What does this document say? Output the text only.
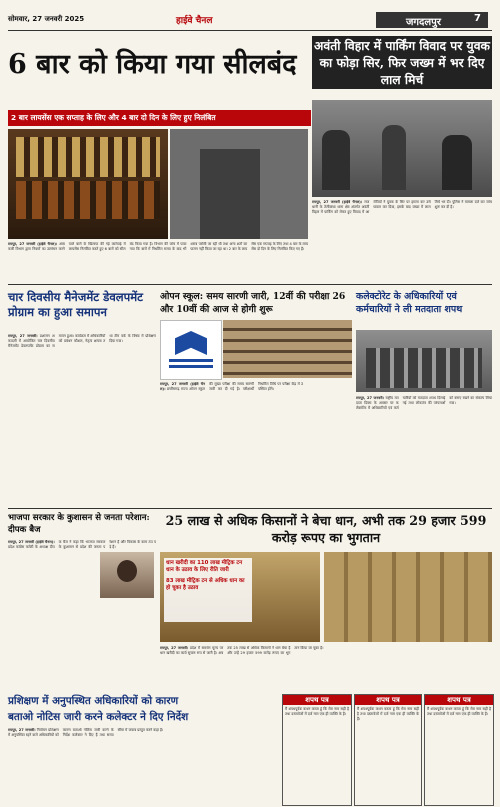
सोमवार, 27 जनवरी 2025	हाईवे चैनल	जगदलपुर	7
6 बार को किया गया सीलबंद
2 बार लायसेंस एक सप्ताह के लिए और 4 बार दो दिन के लिए हुए निलंबित
रायपुर, 27 जनवरी (हाईवे चैनल)। आबकारी विभाग द्वारा नियमों का उल्लंघन करने वाले बारों के खिलाफ की गई कार्रवाई में लायसेंस निलंबित करते हुए 6 बारों को सीलबंद किया गया है। विभाग की जांच में पाया गया कि बारों में निर्धारित समय के बाद भी शराब परोसी जा रही थी तथा अन्य शर्तों का पालन नहीं किया जा रहा था। 2 बार के लायसेंस एक सप्ताह के लिए तथा 4 बार के लायसेंस दो दिन के लिए निलंबित किए गए हैं।
अवंती विहार में पार्किंग विवाद पर युवक का फोड़ा सिर, फिर जख्म में भर दिए लाल मिर्च
रायपुर, 27 जनवरी (हाईवे चैनल)। राजधानी के तेलीबांधा थाना क्षेत्र अंतर्गत अवंती विहार में पार्किंग को लेकर हुए विवाद में आरोपियों ने युवक के सिर पर हमला कर उसे घायल कर दिया, इसके बाद जख्म में लाल मिर्च भर दी। पुलिस ने मामला दर्ज कर जांच शुरू कर दी है।
चार दिवसीय मैनेजमेंट डेवलपमेंट प्रोग्राम का हुआ समापन
रायपुर, 27 जनवरी। प्रशासन अकादमी में आयोजित चार दिवसीय मैनेजमेंट डेवलपमेंट प्रोग्राम का समापन हुआ। कार्यक्रम में अधिकारियों को प्रबंधन कौशल, नेतृत्व क्षमता तथा टीम वर्क के विषय में प्रशिक्षण दिया गया।
ओपन स्कूल: समय सारणी जारी, 12वीं की परीक्षा 26 और 10वीं की आज से होगी शुरू
रायपुर, 27 जनवरी (हाईवे चैनल)। छत्तीसगढ़ राज्य ओपन स्कूल की मुख्य परीक्षा की समय सारणी जारी कर दी गई है। परीक्षार्थी निर्धारित तिथि पर परीक्षा केंद्र में उपस्थित होंगे।
कलेक्टोरेट के अधिकारियों एवं कर्मचारियों ने ली मतदाता शपथ
रायपुर, 27 जनवरी। राष्ट्रीय मतदाता दिवस के अवसर पर कलेक्टोरेट में अधिकारियों एवं कर्मचारियों को मतदाता शपथ दिलाई गई तथा लोकतंत्र की परंपराओं को बनाए रखने का संकल्प लिया गया।
भाजपा सरकार के कुशासन से जनता परेशान: दीपक बैज
रायपुर, 27 जनवरी (हाईवे चैनल)। प्रदेश कांग्रेस कमेटी के अध्यक्ष दीपक बैज ने कहा कि भाजपा सरकार के कुशासन से प्रदेश की जनता परेशान है और विकास के काम ठप पड़े हैं।
25 लाख से अधिक किसानों ने बेचा धान, अभी तक 29 हजार 599 करोड़ रूपए का भुगतान
धान खरीदी का 110 लाख मीट्रिक टन धान के उठाव के लिए रीति जारी
83 लाख मीट्रिक टन से अधिक धान का हो चुका है उठाव
रायपुर, 27 जनवरी। प्रदेश में समर्थन मूल्य पर धान खरीदी का कार्य सुचारु रूप से जारी है। अब तक 25 लाख से अधिक किसानों ने धान बेचा है और उन्हें 29 हजार 599 करोड़ रूपए का भुगतान किया जा चुका है।
प्रशिक्षण में अनुपस्थित अधिकारियों को कारण
बताओ नोटिस जारी करने कलेक्टर ने दिए निर्देश
रायपुर, 27 जनवरी। निर्वाचन प्रशिक्षण में अनुपस्थित रहने वाले अधिकारियों को कारण बताओ नोटिस जारी करने के निर्देश कलेक्टर ने दिए हैं तथा समय सीमा में जवाब प्रस्तुत करने कहा है।
शपथ पत्र
मैं शपथपूर्वक कथन करता हूं कि मेरा नाम सही है तथा दस्तावेजों में दर्ज नाम एक ही व्यक्ति के हैं।
शपथ पत्र
मैं शपथपूर्वक कथन करता हूं कि मेरा नाम सही है तथा दस्तावेजों में दर्ज नाम एक ही व्यक्ति के हैं।
शपथ पत्र
मैं शपथपूर्वक कथन करता हूं कि मेरा नाम सही है तथा दस्तावेजों में दर्ज नाम एक ही व्यक्ति के हैं।
